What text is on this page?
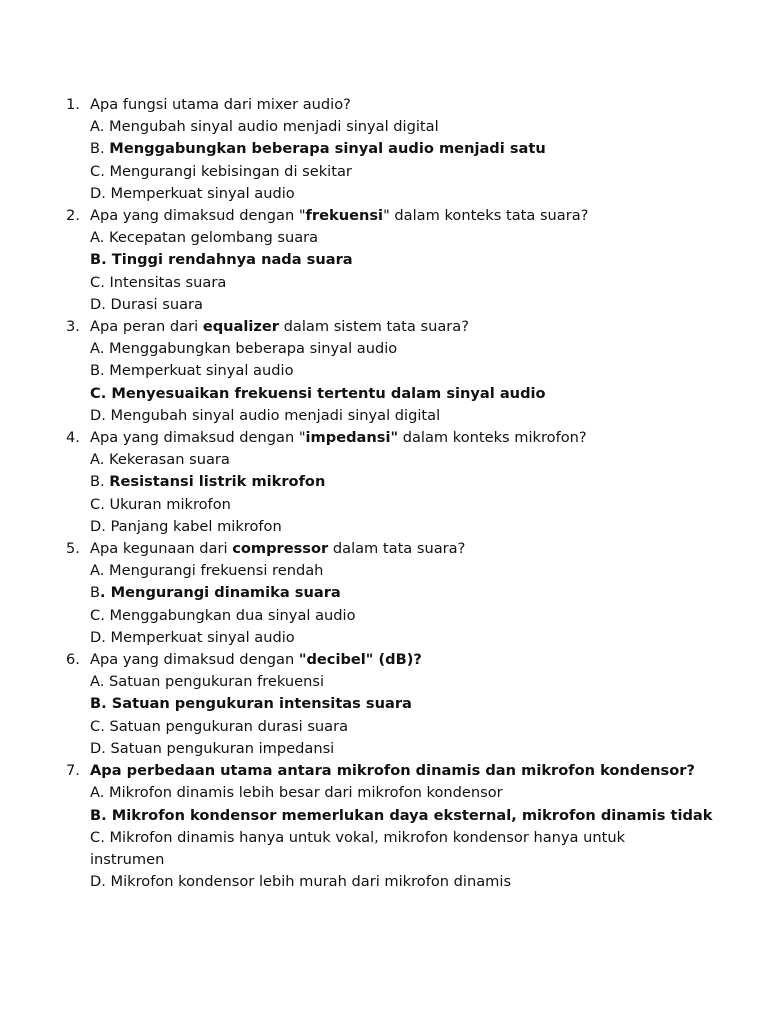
1. Apa fungsi utama dari mixer audio?
A. Mengubah sinyal audio menjadi sinyal digital
B. Menggabungkan beberapa sinyal audio menjadi satu
C. Mengurangi kebisingan di sekitar
D. Memperkuat sinyal audio
2. Apa yang dimaksud dengan "frekuensi" dalam konteks tata suara?
A. Kecepatan gelombang suara
B. Tinggi rendahnya nada suara
C. Intensitas suara
D. Durasi suara
3. Apa peran dari equalizer dalam sistem tata suara?
A. Menggabungkan beberapa sinyal audio
B. Memperkuat sinyal audio
C. Menyesuaikan frekuensi tertentu dalam sinyal audio
D. Mengubah sinyal audio menjadi sinyal digital
4. Apa yang dimaksud dengan "impedansi" dalam konteks mikrofon?
A. Kekerasan suara
B. Resistansi listrik mikrofon
C. Ukuran mikrofon
D. Panjang kabel mikrofon
5. Apa kegunaan dari compressor dalam tata suara?
A. Mengurangi frekuensi rendah
B. Mengurangi dinamika suara
C. Menggabungkan dua sinyal audio
D. Memperkuat sinyal audio
6. Apa yang dimaksud dengan "decibel" (dB)?
A. Satuan pengukuran frekuensi
B. Satuan pengukuran intensitas suara
C. Satuan pengukuran durasi suara
D. Satuan pengukuran impedansi
7. Apa perbedaan utama antara mikrofon dinamis dan mikrofon kondensor?
A. Mikrofon dinamis lebih besar dari mikrofon kondensor
B. Mikrofon kondensor memerlukan daya eksternal, mikrofon dinamis tidak
C. Mikrofon dinamis hanya untuk vokal, mikrofon kondensor hanya untuk instrumen
D. Mikrofon kondensor lebih murah dari mikrofon dinamis
